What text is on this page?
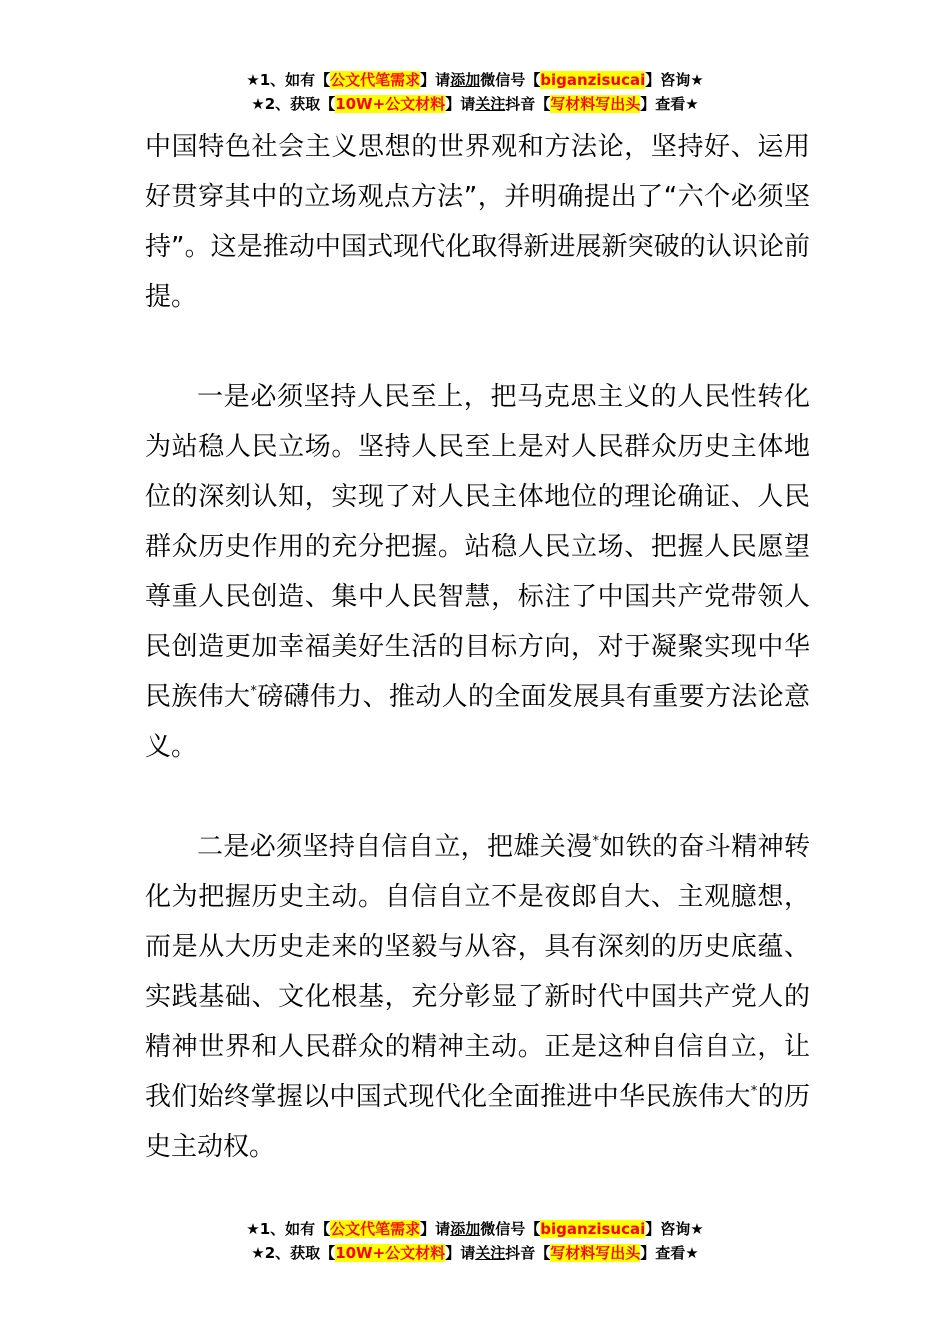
★1、如有【公文代笔需求】请添加微信号【biganzisucai】咨询★
★2、获取【10W+公文材料】请关注抖音【写材料写出头】查看★

中国特色社会主义思想的世界观和方法论，坚持好、运用好贯穿其中的立场观点方法”，并明确提出了“六个必须坚持”。这是推动中国式现代化取得新进展新突破的认识论前提。

一是必须坚持人民至上，把马克思主义的人民性转化为站稳人民立场。坚持人民至上是对人民群众历史主体地位的深刻认知，实现了对人民主体地位的理论确证、人民群众历史作用的充分把握。站稳人民立场、把握人民愿望尊重人民创造、集中人民智慧，标注了中国共产党带领人民创造更加幸福美好生活的目标方向，对于凝聚实现中华民族伟大*磅礴伟力、推动人的全面发展具有重要方法论意义。

二是必须坚持自信自立，把雄关漫*如铁的奋斗精神转化为把握历史主动。自信自立不是夜郎自大、主观臆想，而是从大历史走来的坚毅与从容，具有深刻的历史底蕴、实践基础、文化根基，充分彰显了新时代中国共产党人的精神世界和人民群众的精神主动。正是这种自信自立，让我们始终掌握以中国式现代化全面推进中华民族伟大*的历史主动权。

★1、如有【公文代笔需求】请添加微信号【biganzisucai】咨询★
★2、获取【10W+公文材料】请关注抖音【写材料写出头】查看★
